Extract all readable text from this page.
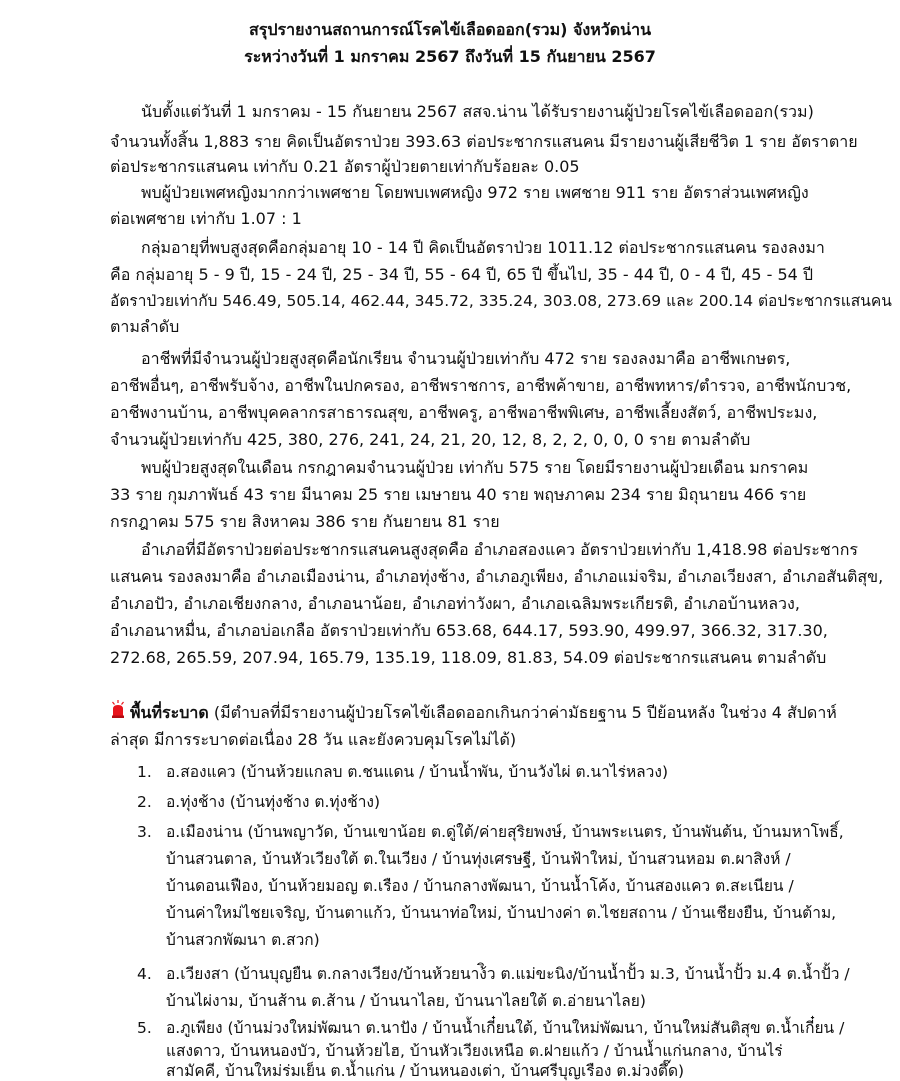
สรุปรายงานสถานการณ์โรคไข้เลือดออก(รวม) จังหวัดน่าน
ระหว่างวันที่ 1 มกราคม 2567 ถึงวันที่ 15 กันยายน 2567
นับตั้งแต่วันที่ 1 มกราคม - 15 กันยายน 2567 สสจ.น่าน ได้รับรายงานผู้ป่วยโรคไข้เลือดออก(รวม)
จำนวนทั้งสิ้น 1,883 ราย คิดเป็นอัตราป่วย 393.63 ต่อประชากรแสนคน มีรายงานผู้เสียชีวิต 1 ราย อัตราตาย
ต่อประชากรแสนคน เท่ากับ 0.21 อัตราผู้ป่วยตายเท่ากับร้อยละ 0.05
พบผู้ป่วยเพศหญิงมากกว่าเพศชาย โดยพบเพศหญิง 972 ราย เพศชาย 911 ราย อัตราส่วนเพศหญิง
ต่อเพศชาย เท่ากับ 1.07 : 1
กลุ่มอายุที่พบสูงสุดคือกลุ่มอายุ 10 - 14 ปี คิดเป็นอัตราป่วย 1011.12 ต่อประชากรแสนคน รองลงมา
คือ กลุ่มอายุ 5 - 9 ปี, 15 - 24 ปี, 25 - 34 ปี, 55 - 64 ปี, 65 ปี ขึ้นไป, 35 - 44 ปี, 0 - 4 ปี, 45 - 54 ปี
อัตราป่วยเท่ากับ 546.49, 505.14, 462.44, 345.72, 335.24, 303.08, 273.69 และ 200.14 ต่อประชากรแสนคน
ตามลำดับ
อาชีพที่มีจำนวนผู้ป่วยสูงสุดคือนักเรียน จำนวนผู้ป่วยเท่ากับ 472 ราย รองลงมาคือ อาชีพเกษตร,
อาชีพอื่นๆ, อาชีพรับจ้าง, อาชีพในปกครอง, อาชีพราชการ, อาชีพค้าขาย, อาชีพทหาร/ตำรวจ, อาชีพนักบวช,
อาชีพงานบ้าน, อาชีพบุคคลากรสาธารณสุข, อาชีพครู, อาชีพอาชีพพิเศษ, อาชีพเลี้ยงสัตว์, อาชีพประมง,
จำนวนผู้ป่วยเท่ากับ 425, 380, 276, 241, 24, 21, 20, 12, 8, 2, 2, 0, 0, 0 ราย ตามลำดับ
พบผู้ป่วยสูงสุดในเดือน กรกฎาคมจำนวนผู้ป่วย เท่ากับ 575 ราย โดยมีรายงานผู้ป่วยเดือน มกราคม
33 ราย กุมภาพันธ์ 43 ราย มีนาคม 25 ราย เมษายน 40 ราย พฤษภาคม 234 ราย มิถุนายน 466 ราย
กรกฎาคม 575 ราย สิงหาคม 386 ราย กันยายน 81 ราย
อำเภอที่มีอัตราป่วยต่อประชากรแสนคนสูงสุดคือ อำเภอสองแคว อัตราป่วยเท่ากับ 1,418.98 ต่อประชากร
แสนคน รองลงมาคือ อำเภอเมืองน่าน, อำเภอทุ่งช้าง, อำเภอภูเพียง, อำเภอแม่จริม, อำเภอเวียงสา, อำเภอสันติสุข,
อำเภอปัว, อำเภอเชียงกลาง, อำเภอนาน้อย, อำเภอท่าวังผา, อำเภอเฉลิมพระเกียรติ, อำเภอบ้านหลวง,
อำเภอนาหมื่น, อำเภอบ่อเกลือ อัตราป่วยเท่ากับ 653.68, 644.17, 593.90, 499.97, 366.32, 317.30,
272.68, 265.59, 207.94, 165.79, 135.19, 118.09, 81.83, 54.09 ต่อประชากรแสนคน ตามลำดับ
พื้นที่ระบาด (มีตำบลที่มีรายงานผู้ป่วยโรคไข้เลือดออกเกินกว่าค่ามัธยฐาน 5 ปีย้อนหลัง ในช่วง 4 สัปดาห์
ล่าสุด มีการระบาดต่อเนื่อง 28 วัน และยังควบคุมโรคไม่ได้)
1. อ.สองแคว (บ้านห้วยแกลบ ต.ชนแดน / บ้านน้ำพัน, บ้านวังไผ่ ต.นาไร่หลวง)
2. อ.ทุ่งช้าง (บ้านทุ่งช้าง ต.ทุ่งช้าง)
3. อ.เมืองน่าน (บ้านพญาวัด, บ้านเขาน้อย ต.ดู่ใต้/ค่ายสุริยพงษ์, บ้านพระเนตร, บ้านพันต้น, บ้านมหาโพธิ์,
บ้านสวนตาล, บ้านหัวเวียงใต้ ต.ในเวียง / บ้านทุ่งเศรษฐี, บ้านฟ้าใหม่, บ้านสวนหอม ต.ผาสิงห์ /
บ้านดอนเฟือง, บ้านห้วยมอญ ต.เรือง / บ้านกลางพัฒนา, บ้านน้ำโค้ง, บ้านสองแคว ต.สะเนียน /
บ้านค่าใหม่ไชยเจริญ, บ้านตาแก้ว, บ้านนาท่อใหม่, บ้านปางค่า ต.ไชยสถาน / บ้านเชียงยืน, บ้านต้าม,
บ้านสวกพัฒนา ต.สวก)
4. อ.เวียงสา (บ้านบุญยืน ต.กลางเวียง/บ้านห้วยนาง้ิว ต.แม่ขะนิง/บ้านน้ำปั้ว ม.3, บ้านน้ำปั้ว ม.4 ต.น้ำปั้ว /
บ้านไผ่งาม, บ้านส้าน ต.ส้าน / บ้านนาไลย, บ้านนาไลยใต้ ต.อ่ายนาไลย)
5. อ.ภูเพียง (บ้านม่วงใหม่พัฒนา ต.นาปัง / บ้านน้ำเกี๋ยนใต้, บ้านใหม่พัฒนา, บ้านใหม่สันติสุข ต.น้ำเกี๋ยน /
แสงดาว, บ้านหนองบัว, บ้านห้วยไฮ, บ้านหัวเวียงเหนือ ต.ฝายแก้ว / บ้านน้ำแก่นกลาง, บ้านไร่
สามัคคี, บ้านใหม่ร่มเย็น ต.น้ำแก่น / บ้านหนองเต่า, บ้านศรีบุญเรือง ต.ม่วงตึ๊ด)
